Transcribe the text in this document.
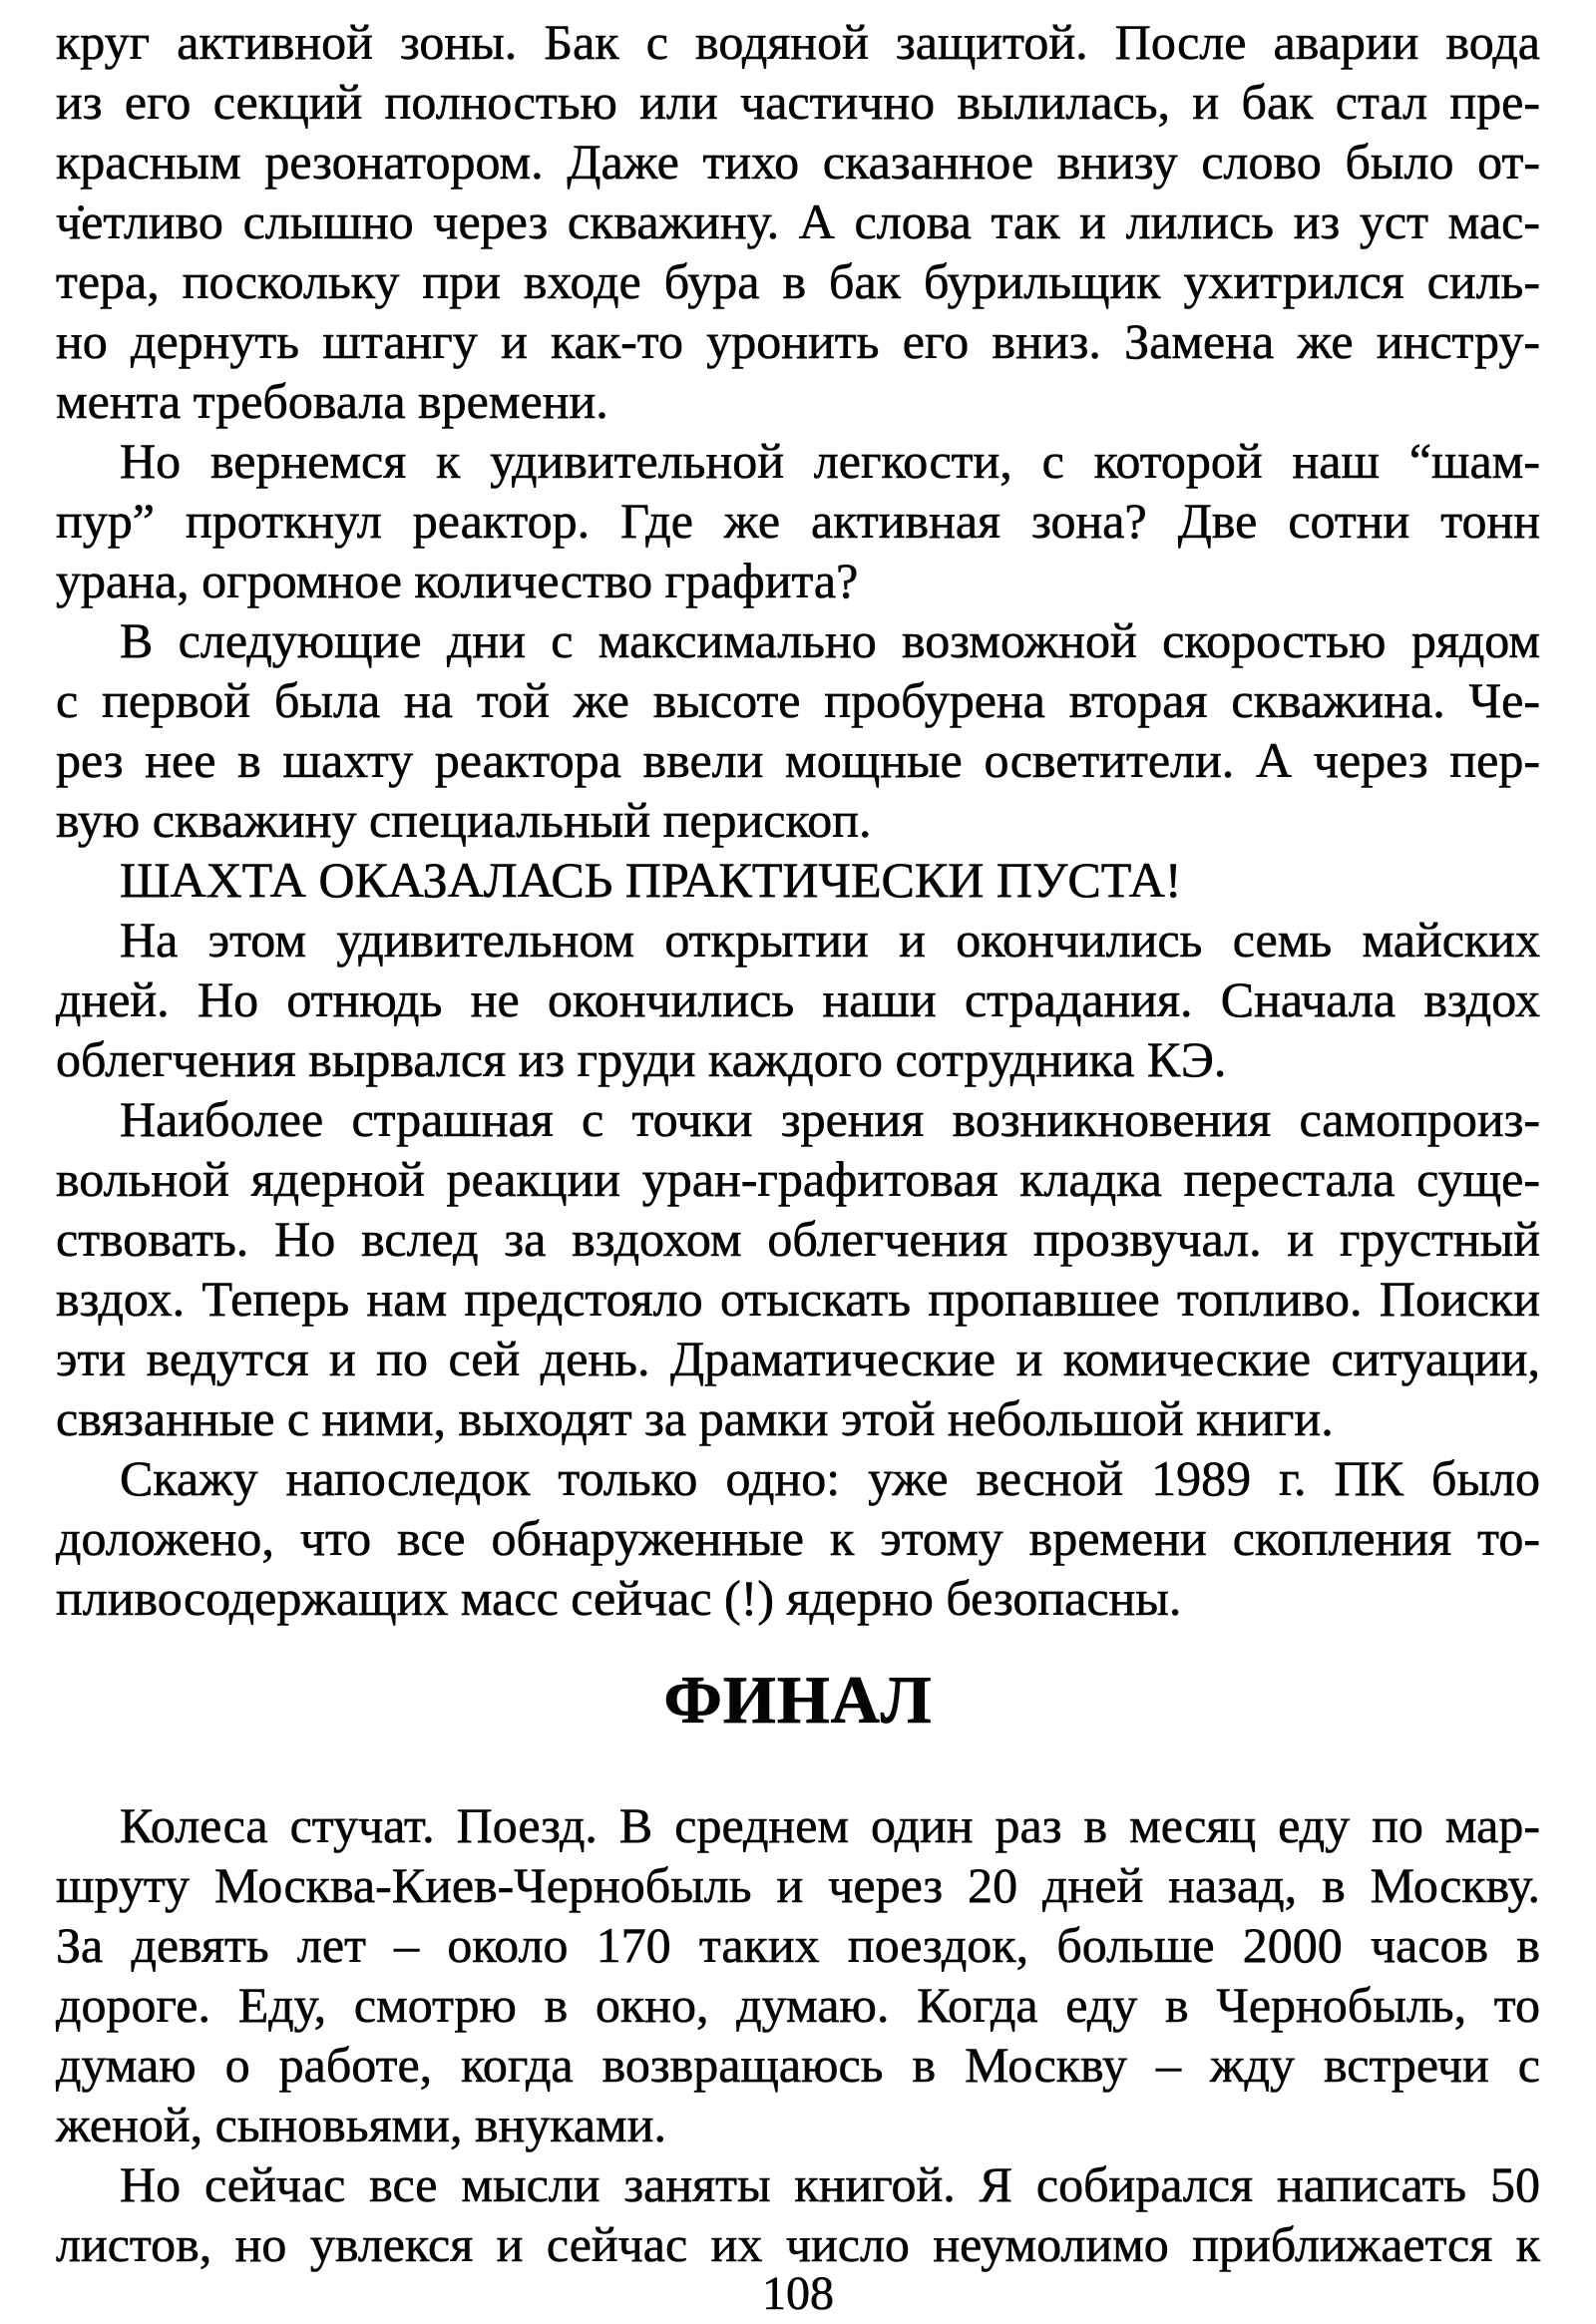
круг активной зоны. Бак с водяной защитой. После аварии вода
из его секций полностью или частично вылилась, и бак стал пре-
красным резонатором. Даже тихо сказанное внизу слово было от-
ч̇етливо слышно через скважину. А слова так и лились из уст мас-
тера, поскольку при входе бура в бак бурильщик ухитрился силь-
но дернуть штангу и как-то уронить его вниз. Замена же инстру-
мента требовала времени.
Но вернемся к удивительной легкости, с которой наш “шам-
пур” проткнул реактор. Где же активная зона? Две сотни тонн
урана, огромное количество графита?
В следующие дни с максимально возможной скоростью рядом
с первой была на той же высоте пробурена вторая скважина. Че-
рез нее в шахту реактора ввели мощные осветители. А через пер-
вую скважину специальный перископ.
ШАХТА ОКАЗАЛАСЬ ПРАКТИЧЕСКИ ПУСТА!
На этом удивительном открытии и окончились семь майских
дней. Но отнюдь не окончились наши страдания. Сначала вздох
облегчения вырвался из груди каждого сотрудника КЭ.
Наиболее страшная с точки зрения возникновения самопроиз-
вольной ядерной реакции уран-графитовая кладка перестала суще-
ствовать. Но вслед за вздохом облегчения прозвучал. и грустный
вздох. Теперь нам предстояло отыскать пропавшее топливо. Поиски
эти ведутся и по сей день. Драматические и комические ситуации,
связанные с ними, выходят за рамки этой небольшой книги.
Скажу напоследок только одно: уже весной 1989 г. ПК было
доложено, что все обнаруженные к этому времени скопления то-
пливосодержащих масс сейчас (!) ядерно безопасны.
ФИНАЛ
Колеса стучат. Поезд. В среднем один раз в месяц еду по мар-
шруту Москва-Киев-Чернобыль и через 20 дней назад, в Москву.
За девять лет – около 170 таких поездок, больше 2000 часов в
дороге. Еду, смотрю в окно, думаю. Когда еду в Чернобыль, то
думаю о работе, когда возвращаюсь в Москву – жду встречи с
женой, сыновьями, внуками.
Но сейчас все мысли заняты книгой. Я собирался написать 50
листов, но увлекся и сейчас их число неумолимо приближается к
108
